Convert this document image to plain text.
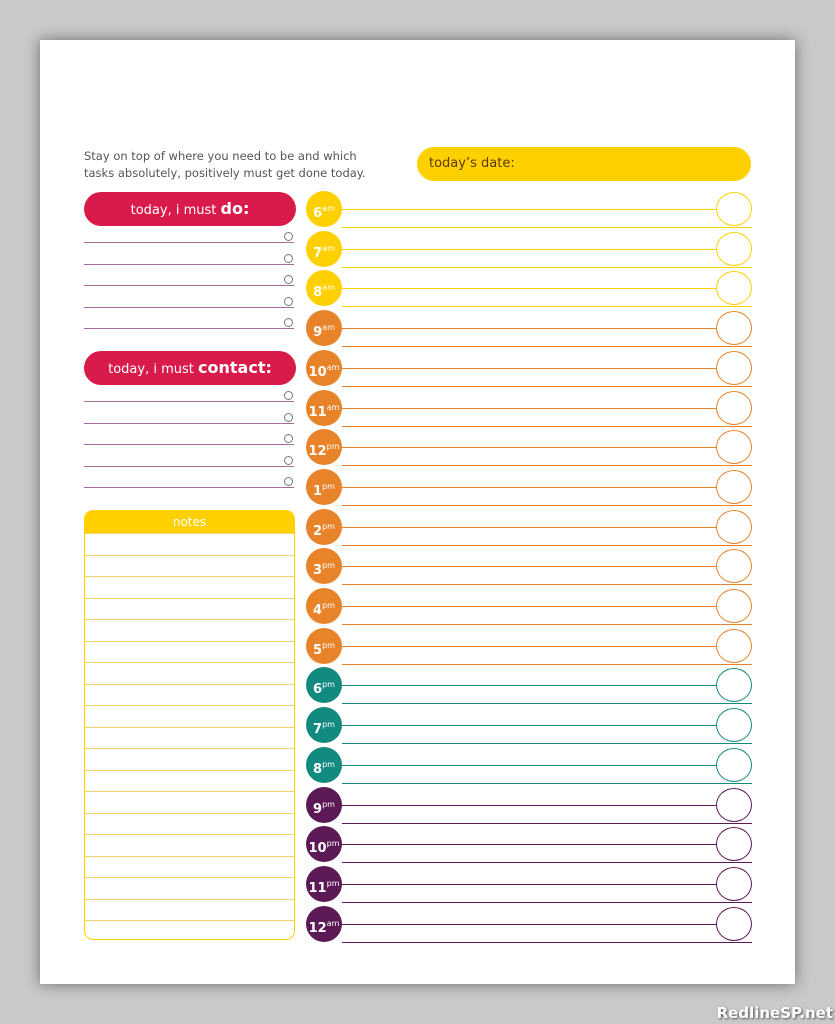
Stay on top of where you need to be and which tasks absolutely, positively must get done today.
today’s date:
today, i must do:
today, i must contact:
notes
$6^{am}$
$7^{am}$
$8^{am}$
$9^{am}$
$10^{am}$
$11^{am}$
$12^{pm}$
$1^{pm}$
$2^{pm}$
$3^{pm}$
$4^{pm}$
$5^{pm}$
$6^{pm}$
$7^{pm}$
$8^{pm}$
$9^{pm}$
$10^{pm}$
$11^{pm}$
$12^{am}$
RedlineSP.net
